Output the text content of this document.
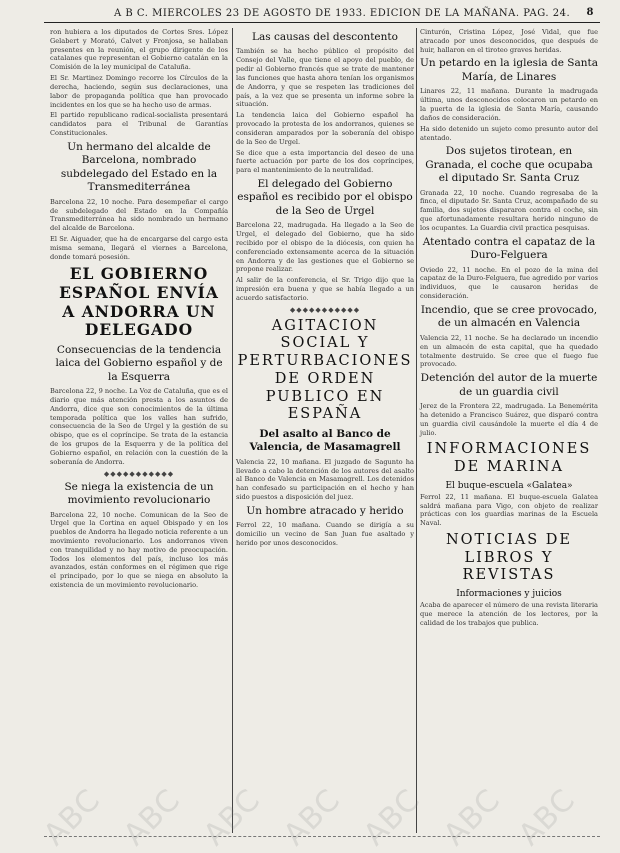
A B C. MIERCOLES 23 DE AGOSTO DE 1933. EDICION DE LA MAÑANA. PAG. 24. 8

ron hubiera a los diputados de Cortes Sres. López Gelabert y Morató, Calvet y Fronjosa, se hallaban presentes en la reunión, el grupo dirigente de los catalanes que representan el Gobierno catalán en la Comisión de la ley municipal de Cataluña.

El Sr. Martinez Domingo recorre los Círculos de la derecha, haciendo, según sus declaraciones, una labor de propaganda política que han provocado incidentes en los que se ha hecho uso de armas.

El partido republicano radical-socialista presentará candidatos para el Tribunal de Garantías Constitucionales.

Un hermano del alcalde de Barcelona, nombrado subdelegado del Estado en la Transmediterránea

Barcelona 22, 10 noche. Para desempeñar el cargo de subdelegado del Estado en la Compañía Transmediterránea ha sido nombrado un hermano del alcalde de Barcelona.

El Sr. Aiguader, que ha de encargarse del cargo esta misma semana, llegará el viernes a Barcelona, donde tomará posesión.

EL GOBIERNO ESPAÑOL ENVÍA A ANDORRA UN DELEGADO
Consecuencias de la tendencia laica del Gobierno español y de la Esquerra

Barcelona 22, 9 noche. La Voz de Cataluña, que es el diario que más atención presta a los asuntos de Andorra, dice que son conocimientos de la última temporada política que los valles han sufrido, consecuencia de la Seo de Urgel y la gestión de su obispo, que es el copríncipe. Se trata de la estancia de los grupos de la Esquerra y de la política del Gobierno español, en relación con la cuestión de la soberanía de Andorra.

◆◆◆◆◆◆◆◆◆◆◆
Se niega la existencia de un movimiento revolucionario

Barcelona 22, 10 noche. Comunican de la Seo de Urgel que la Cortina en aquel Obispado y en los pueblos de Andorra ha llegado noticia referente a un movimiento revolucionario. Los andorranos viven con tranquilidad y no hay motivo de preocupación. Todos los elementos del país, incluso los más avanzados, están conformes en el régimen que rige el principado, por lo que se niega en absoluto la existencia de un movimiento revolucionario.

Las causas del descontento

También se ha hecho público el propósito del Consejo del Valle, que tiene el apoyo del pueblo, de pedir al Gobierno francés que se trate de mantener las funciones que hasta ahora tenían los organismos de Andorra, y que se respeten las tradiciones del país, a la vez que se presenta un informe sobre la situación.

La tendencia laica del Gobierno español ha provocado la protesta de los andorranos, quienes se consideran amparados por la soberanía del obispo de la Seo de Urgel.

Se dice que a esta importancia del deseo de una fuerte actuación por parte de los dos copríncipes, para el mantenimiento de la neutralidad.

El delegado del Gobierno español es recibido por el obispo de la Seo de Urgel

Barcelona 22, madrugada. Ha llegado a la Seo de Urgel, el delegado del Gobierno, que ha sido recibido por el obispo de la diócesis, con quien ha conferenciado extensamente acerca de la situación en Andorra y de las gestiones que el Gobierno se propone realizar.

Al salir de la conferencia, el Sr. Trigo dijo que la impresión era buena y que se había llegado a un acuerdo satisfactorio.

◆◆◆◆◆◆◆◆◆◆◆
AGITACION SOCIAL Y PERTURBACIONES DE ORDEN PUBLICO EN ESPAÑA
Del asalto al Banco de Valencia, de Masamagrell

Valencia 22, 10 mañana. El juzgado de Sagunto ha llevado a cabo la detención de los autores del asalto al Banco de Valencia en Masamagrell. Los detenidos han confesado su participación en el hecho y han sido puestos a disposición del juez.

Un hombre atracado y herido

Ferrol 22, 10 mañana. Cuando se dirigía a su domicilio un vecino de San Juan fue asaltado y herido por unos desconocidos.

Cinturón, Cristina López, José Vidal, que fue atracado por unos desconocidos, que después de huir, hallaron en el tiroteo graves heridas.

Un petardo en la iglesia de Santa María, de Linares

Linares 22, 11 mañana. Durante la madrugada última, unos desconocidos colocaron un petardo en la puerta de la iglesia de Santa María, causando daños de consideración.

Ha sido detenido un sujeto como presunto autor del atentado.

Dos sujetos tirotean, en Granada, el coche que ocupaba el diputado Sr. Santa Cruz

Granada 22, 10 noche. Cuando regresaba de la finca, el diputado Sr. Santa Cruz, acompañado de su familia, dos sujetos dispararon contra el coche, sin que afortunadamente resultara herido ninguno de los ocupantes. La Guardia civil practica pesquisas.

Atentado contra el capataz de la Duro-Felguera

Oviedo 22, 11 noche. En el pozo de la mina del capataz de la Duro-Felguera, fue agredido por varios individuos, que le causaron heridas de consideración.

Incendio, que se cree provocado, de un almacén en Valencia

Valencia 22, 11 noche. Se ha declarado un incendio en un almacén de esta capital, que ha quedado totalmente destruido. Se cree que el fuego fue provocado.

Detención del autor de la muerte de un guardia civil

Jerez de la Frontera 22, madrugada. La Benemérita ha detenido a Francisco Suárez, que disparó contra un guardia civil causándole la muerte el día 4 de julio.

INFORMACIONES DE MARINA
El buque-escuela «Galatea»

Ferrol 22, 11 mañana. El buque-escuela Galatea saldrá mañana para Vigo, con objeto de realizar prácticas con los guardias marinas de la Escuela Naval.

NOTICIAS DE LIBROS Y REVISTAS
Informaciones y juicios

Acaba de aparecer el número de una revista literaria que merece la atención de los lectores, por la calidad de los trabajos que publica.

ABC ABC ABC ABC ABC ABC ABC
